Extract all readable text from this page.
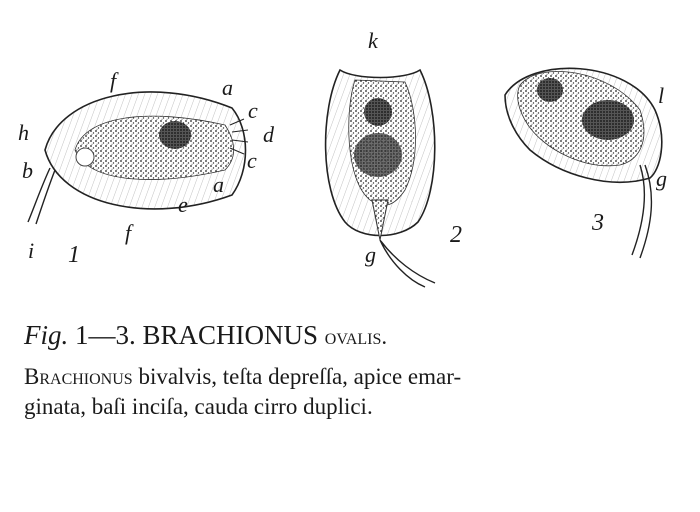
f	a
c
h	d
b	c
a
e
f
i
k
g
l
g
1
2	3
Fig. 1—3. BRACHIONUS ovalis.
Brachionus bivalvis, teſta depreſſa, apice emar-
ginata, baſi inciſa, cauda cirro duplici.
